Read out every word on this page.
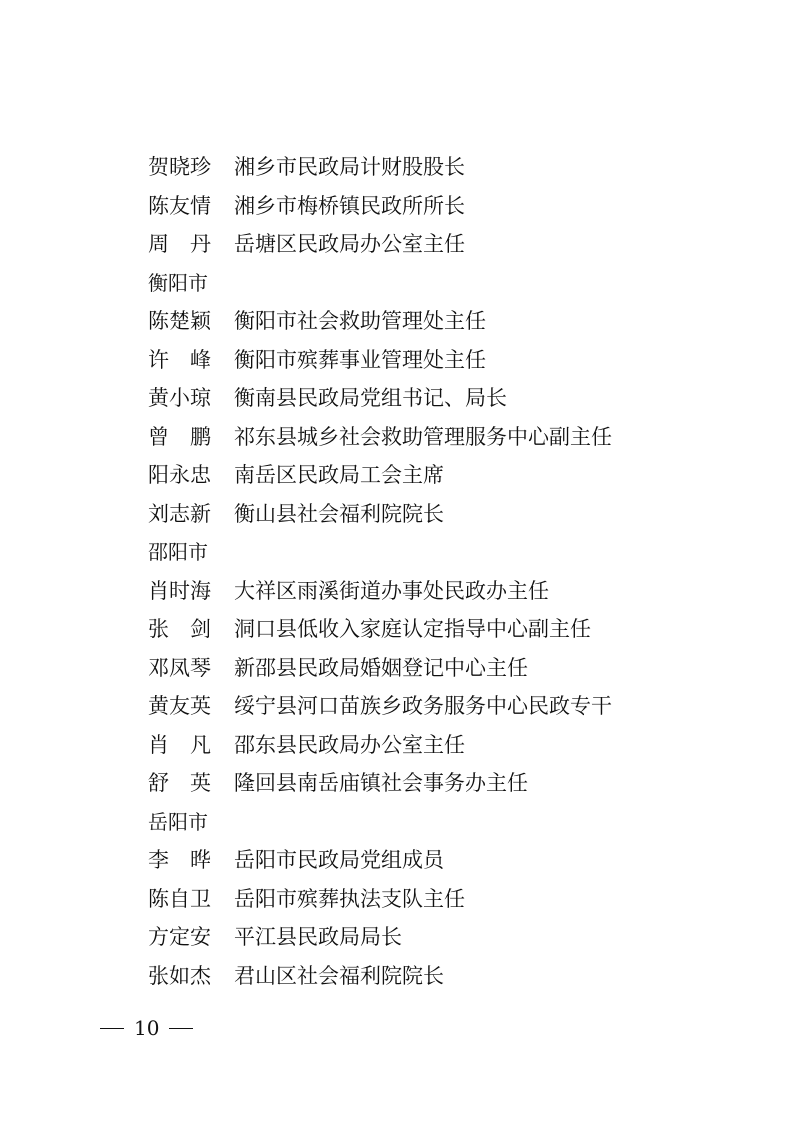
贺晓珍	湘乡市民政局计财股股长
陈友情	湘乡市梅桥镇民政所所长
周丹 岳塘区民政局办公室主任
衡阳市
陈楚颖	衡阳市社会救助管理处主任
许峰 衡阳市殡葬事业管理处主任
黄小琼	衡南县民政局党组书记、局长
曾鹏 祁东县城乡社会救助管理服务中心副主任
阳永忠	南岳区民政局工会主席
刘志新	衡山县社会福利院院长
邵阳市
肖时海	大祥区雨溪街道办事处民政办主任
张剑 洞口县低收入家庭认定指导中心副主任
邓凤琴	新邵县民政局婚姻登记中心主任
黄友英	绥宁县河口苗族乡政务服务中心民政专干
肖凡 邵东县民政局办公室主任
舒英 隆回县南岳庙镇社会事务办主任
岳阳市
李晔 岳阳市民政局党组成员
陈自卫	岳阳市殡葬执法支队主任
方定安	平江县民政局局长
张如杰	君山区社会福利院院长
10
